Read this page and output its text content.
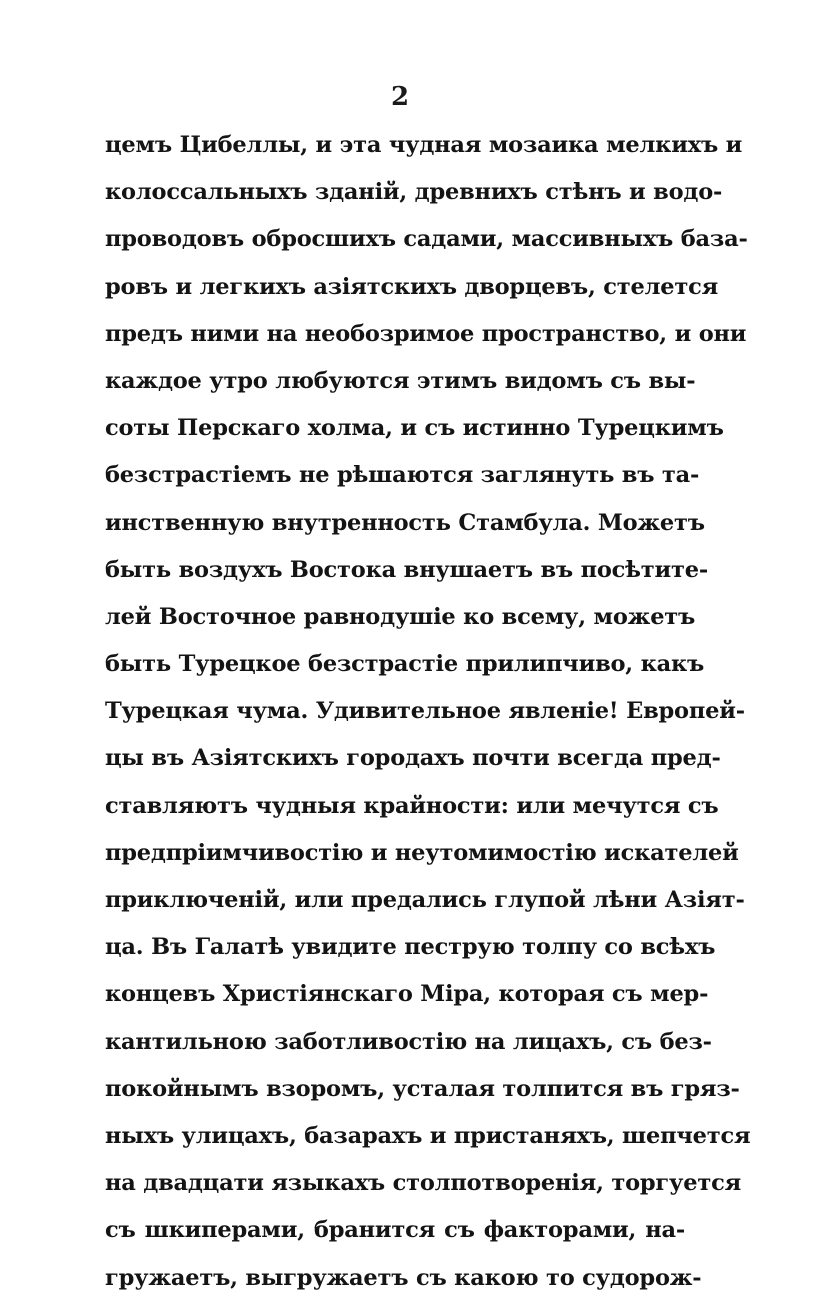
2
цемъ Цибеллы, и эта чудная мозаика мелкихъ и
колоссальныхъ зданій, древнихъ стѣнъ и водо-
проводовъ обросшихъ садами, массивныхъ база-
ровъ и легкихъ азіятскихъ дворцевъ, стелется
предъ ними на необозримое пространство, и они
каждое утро любуются этимъ видомъ съ вы-
соты Перскаго холма, и съ истинно Турецкимъ
безстрастіемъ не рѣшаются заглянуть въ та-
инственную внутренность Стамбула. Можетъ
быть воздухъ Востока внушаетъ въ посѣтите-
лей Восточное равнодушіе ко всему, можетъ
быть Турецкое безстрастіе прилипчиво, какъ
Турецкая чума. Удивительное явленіе! Европей-
цы въ Азіятскихъ городахъ почти всегда пред-
ставляютъ чудныя крайности: или мечутся съ
предпріимчивостію и неутомимостію искателей
приключеній, или предались глупой лѣни Азіят-
ца. Въ Галатѣ увидите пеструю толпу со всѣхъ
концевъ Христіянскаго Міра, которая съ мер-
кантильною заботливостію на лицахъ, съ без-
покойнымъ взоромъ, усталая толпится въ гряз-
ныхъ улицахъ, базарахъ и пристаняхъ, шепчется
на двадцати языкахъ столпотворенія, торгуется
съ шкиперами, бранится съ факторами, на-
гружаетъ, выгружаетъ съ какою то судорож-
